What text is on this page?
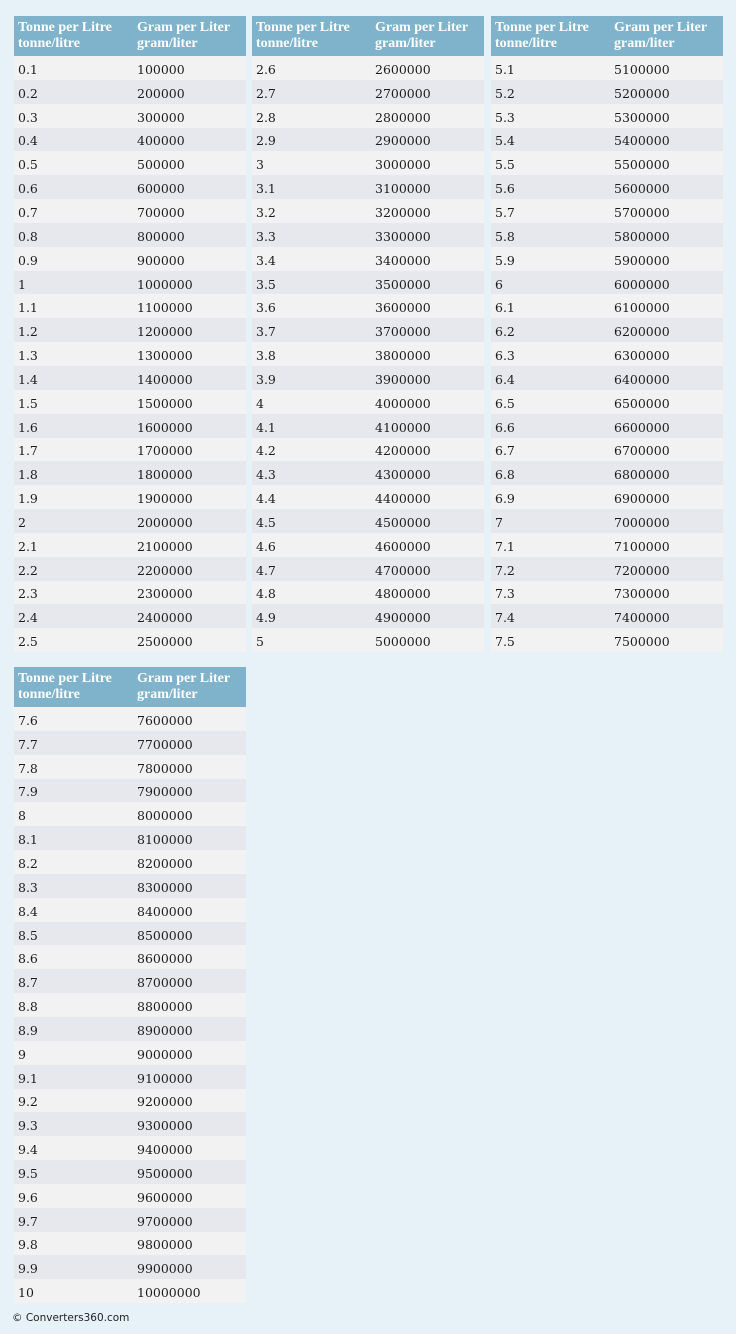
Tonne per Litre
tonne/litre	Gram per Liter
gram/liter
0.1	100000
0.2	200000
0.3	300000
0.4	400000
0.5	500000
0.6	600000
0.7	700000
0.8	800000
0.9	900000
1	1000000
1.1	1100000
1.2	1200000
1.3	1300000
1.4	1400000
1.5	1500000
1.6	1600000
1.7	1700000
1.8	1800000
1.9	1900000
2	2000000
2.1	2100000
2.2	2200000
2.3	2300000
2.4	2400000
2.5	2500000
Tonne per Litre
tonne/litre	Gram per Liter
gram/liter
2.6	2600000
2.7	2700000
2.8	2800000
2.9	2900000
3	3000000
3.1	3100000
3.2	3200000
3.3	3300000
3.4	3400000
3.5	3500000
3.6	3600000
3.7	3700000
3.8	3800000
3.9	3900000
4	4000000
4.1	4100000
4.2	4200000
4.3	4300000
4.4	4400000
4.5	4500000
4.6	4600000
4.7	4700000
4.8	4800000
4.9	4900000
5	5000000
Tonne per Litre
tonne/litre	Gram per Liter
gram/liter
5.1	5100000
5.2	5200000
5.3	5300000
5.4	5400000
5.5	5500000
5.6	5600000
5.7	5700000
5.8	5800000
5.9	5900000
6	6000000
6.1	6100000
6.2	6200000
6.3	6300000
6.4	6400000
6.5	6500000
6.6	6600000
6.7	6700000
6.8	6800000
6.9	6900000
7	7000000
7.1	7100000
7.2	7200000
7.3	7300000
7.4	7400000
7.5	7500000
Tonne per Litre
tonne/litre	Gram per Liter
gram/liter
7.6	7600000
7.7	7700000
7.8	7800000
7.9	7900000
8	8000000
8.1	8100000
8.2	8200000
8.3	8300000
8.4	8400000
8.5	8500000
8.6	8600000
8.7	8700000
8.8	8800000
8.9	8900000
9	9000000
9.1	9100000
9.2	9200000
9.3	9300000
9.4	9400000
9.5	9500000
9.6	9600000
9.7	9700000
9.8	9800000
9.9	9900000
10	10000000
© Converters360.com
